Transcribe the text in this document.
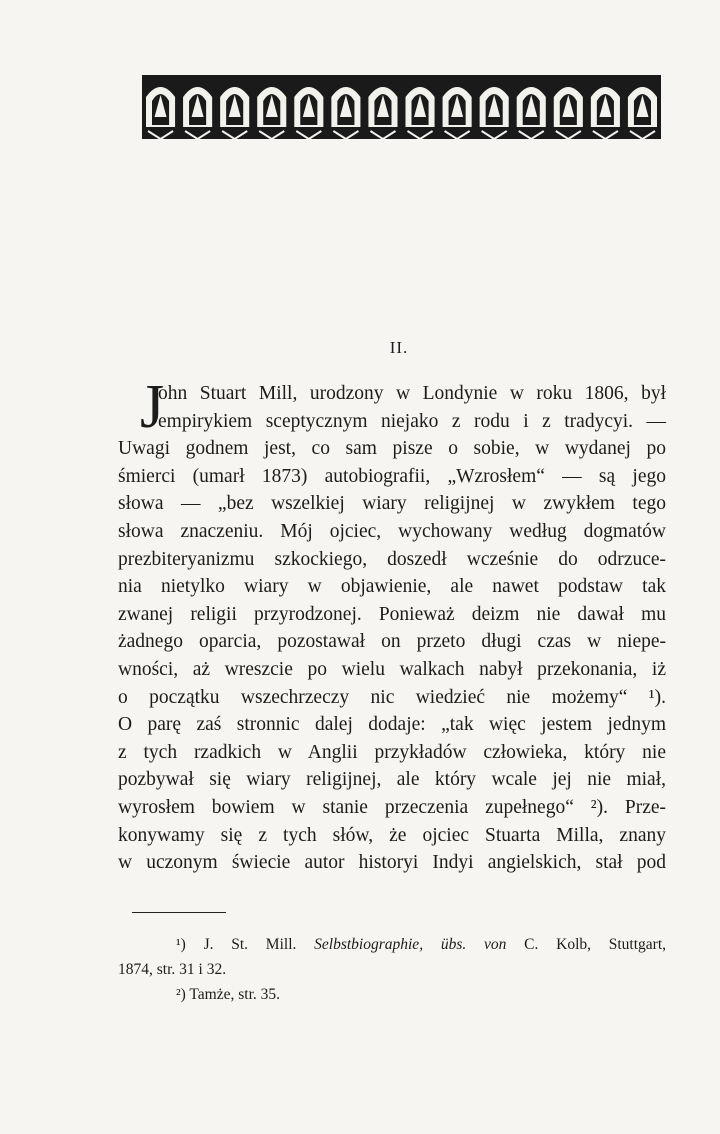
II.
J
ohn Stuart Mill, urodzony w Londynie w roku 1806, był
empirykiem sceptycznym niejako z rodu i z tradycyi. —
Uwagi godnem jest, co sam pisze o sobie, w wydanej po
śmierci (umarł 1873) autobiografii, „Wzrosłem“ — są jego
słowa — „bez wszelkiej wiary religijnej w zwykłem tego
słowa znaczeniu. Mój ojciec, wychowany według dogmatów
prezbiteryanizmu szkockiego, doszedł wcześnie do odrzuce-
nia nietylko wiary w objawienie, ale nawet podstaw tak
zwanej religii przyrodzonej. Ponieważ deizm nie dawał mu
żadnego oparcia, pozostawał on przeto długi czas w niepe-
wności, aż wreszcie po wielu walkach nabył przekonania, iż
o początku wszechrzeczy nic wiedzieć nie możemy“ ¹).
O parę zaś stronnic dalej dodaje: „tak więc jestem jednym
z tych rzadkich w Anglii przykładów człowieka, który nie
pozbywał się wiary religijnej, ale który wcale jej nie miał,
wyrosłem bowiem w stanie przeczenia zupełnego“ ²). Prze-
konywamy się z tych słów, że ojciec Stuarta Milla, znany
w uczonym świecie autor historyi Indyi angielskich, stał pod
¹) J. St. Mill. Selbstbiographie, übs. von C. Kolb, Stuttgart,
1874, str. 31 i 32.
²) Tamże, str. 35.
